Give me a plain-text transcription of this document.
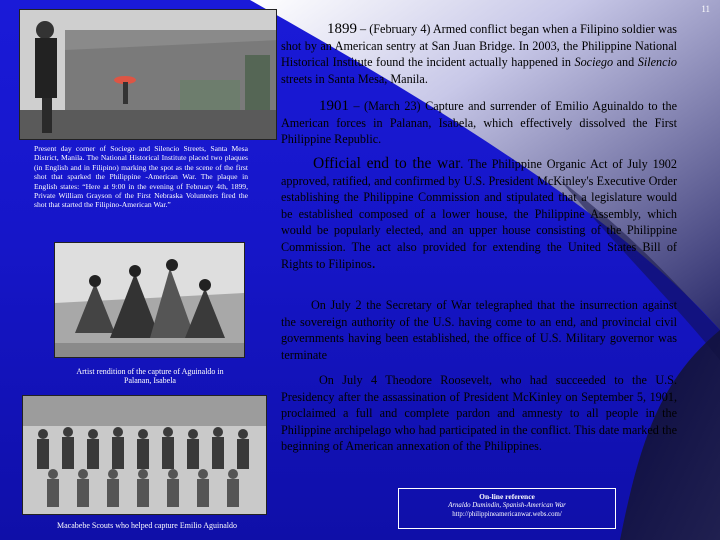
11
Present day corner of Sociego and Silencio Streets, Santa Mesa District, Manila. The National Historical Institute placed two plaques (in English and in Filipino) marking the spot as the scene of the first shot that sparked the Philippine -American War. The plaque in English states: “Here at 9:00 in the evening of February 4th, 1899, Private William Grayson of the First Nebraska Volunteers fired the shot that started the Filipino-American War.”
Artist rendition of the capture of Aguinaldo in Palanan, Isabela
Macabebe Scouts who helped capture Emilio Aguinaldo

1899 – (February 4) Armed conflict began when a Filipino soldier was shot by an American sentry at San Juan Bridge. In 2003, the Philippine National Historical Institute found the incident actually happened in Sociego and Silencio streets in Santa Mesa, Manila.

1901 – (March 23) Capture and surrender of Emilio Aguinaldo to the American forces in Palanan, Isabela, which effectively dissolved the First Philippine Republic.

Official end to the war. The Philippine Organic Act of July 1902 approved, ratified, and confirmed by U.S. President McKinley's Executive Order establishing the Philippine Commission and stipulated that a legislature would be established composed of a lower house, the Philippine Assembly, which would be popularly elected, and an upper house consisting of the Philippine Commission. The act also provided for extending the United States Bill of Rights to Filipinos.

On July 2 the Secretary of War telegraphed that the insurrection against the sovereign authority of the U.S. having come to an end, and provincial civil governments having been established, the office of U.S. Military governor was terminate

On July 4 Theodore Roosevelt, who had succeeded to the U.S. Presidency after the assassination of President McKinley on September 5, 1901, proclaimed a full and complete pardon and amnesty to all people in the Philippine archipelago who had participated in the conflict. This date marked the beginning of American annexation of the Philippines.

On-line reference
Arnaldo Dumindin, Spanish-American War
http://philippineamericanwar.webs.com/
